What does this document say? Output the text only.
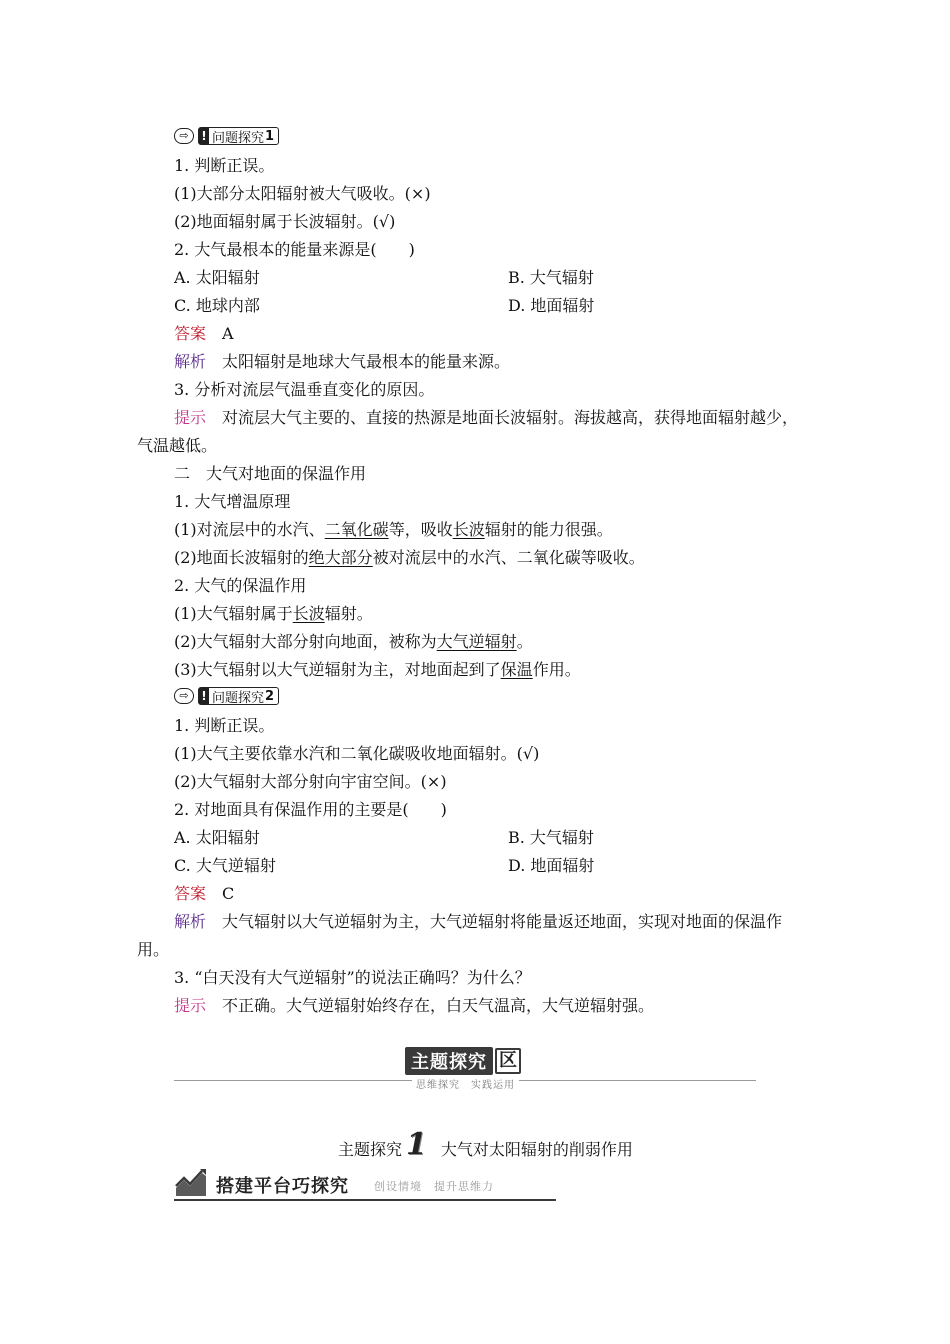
⇨	! 问题探究 1
1. 判断正误。
(1)大部分太阳辐射被大气吸收。(×)
(2)地面辐射属于长波辐射。(√)
2. 大气最根本的能量来源是(　　)
A. 太阳辐射	B. 大气辐射
C. 地球内部	D. 地面辐射
答案　 A
解析　 太阳辐射是地球大气最根本的能量来源。
3. 分析对流层气温垂直变化的原因。
提示　 对流层大气主要的、直接的热源是地面长波辐射。海拔越高，获得地面辐射越少，
气温越低。
二　大气对地面的保温作用
1. 大气增温原理
(1)对流层中的水汽、二氧化碳等，吸收长波辐射的能力很强。
(2)地面长波辐射的绝大部分被对流层中的水汽、二氧化碳等吸收。
2. 大气的保温作用
(1)大气辐射属于长波辐射。
(2)大气辐射大部分射向地面，被称为大气逆辐射。
(3)大气辐射以大气逆辐射为主，对地面起到了保温作用。
⇨	! 问题探究 2
1. 判断正误。
(1)大气主要依靠水汽和二氧化碳吸收地面辐射。(√)
(2)大气辐射大部分射向宇宙空间。(×)
2. 对地面具有保温作用的主要是(　　)
A. 太阳辐射	B. 大气辐射
C. 大气逆辐射	D. 地面辐射
答案　 C
解析　 大气辐射以大气逆辐射为主，大气逆辐射将能量返还地面，实现对地面的保温作
用。
3. “白天没有大气逆辐射”的说法正确吗？为什么？
提示　 不正确。大气逆辐射始终存在，白天气温高，大气逆辐射强。
主题探究 区
思维探究　实践运用
主题探究 1 大气对太阳辐射的削弱作用
搭建平台巧探究 创设情境　提升思维力
